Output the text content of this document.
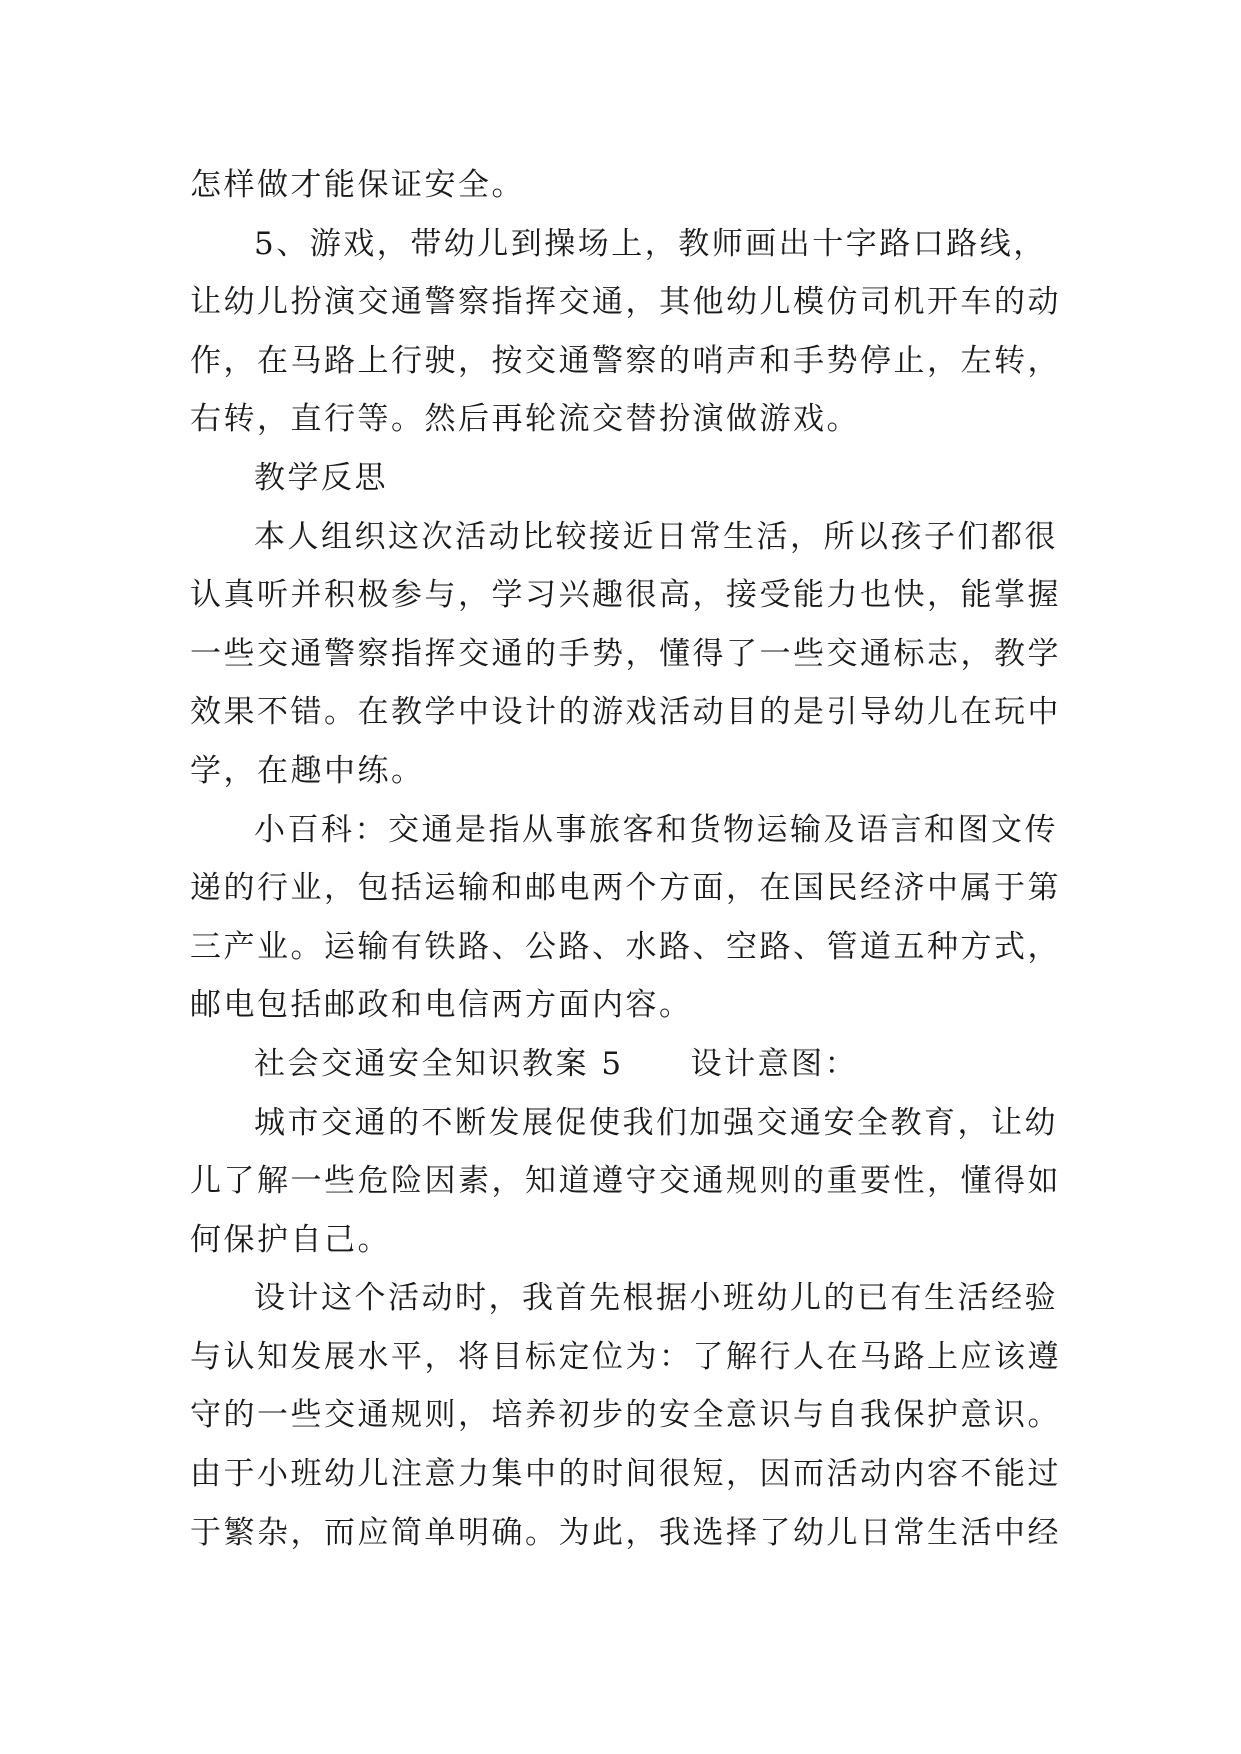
怎样做才能保证安全。
5、游戏，带幼儿到操场上，教师画出十字路口路线，
让幼儿扮演交通警察指挥交通，其他幼儿模仿司机开车的动
作，在马路上行驶，按交通警察的哨声和手势停止，左转，
右转，直行等。然后再轮流交替扮演做游戏。
教学反思
本人组织这次活动比较接近日常生活，所以孩子们都很
认真听并积极参与，学习兴趣很高，接受能力也快，能掌握
一些交通警察指挥交通的手势，懂得了一些交通标志，教学
效果不错。在教学中设计的游戏活动目的是引导幼儿在玩中
学，在趣中练。
小百科：交通是指从事旅客和货物运输及语言和图文传
递的行业，包括运输和邮电两个方面，在国民经济中属于第
三产业。运输有铁路、公路、水路、空路、管道五种方式，
邮电包括邮政和电信两方面内容。
社会交通安全知识教案 5　　设计意图：
城市交通的不断发展促使我们加强交通安全教育，让幼
儿了解一些危险因素，知道遵守交通规则的重要性，懂得如
何保护自己。
设计这个活动时，我首先根据小班幼儿的已有生活经验
与认知发展水平，将目标定位为：了解行人在马路上应该遵
守的一些交通规则，培养初步的安全意识与自我保护意识。
由于小班幼儿注意力集中的时间很短，因而活动内容不能过
于繁杂，而应简单明确。为此，我选择了幼儿日常生活中经
